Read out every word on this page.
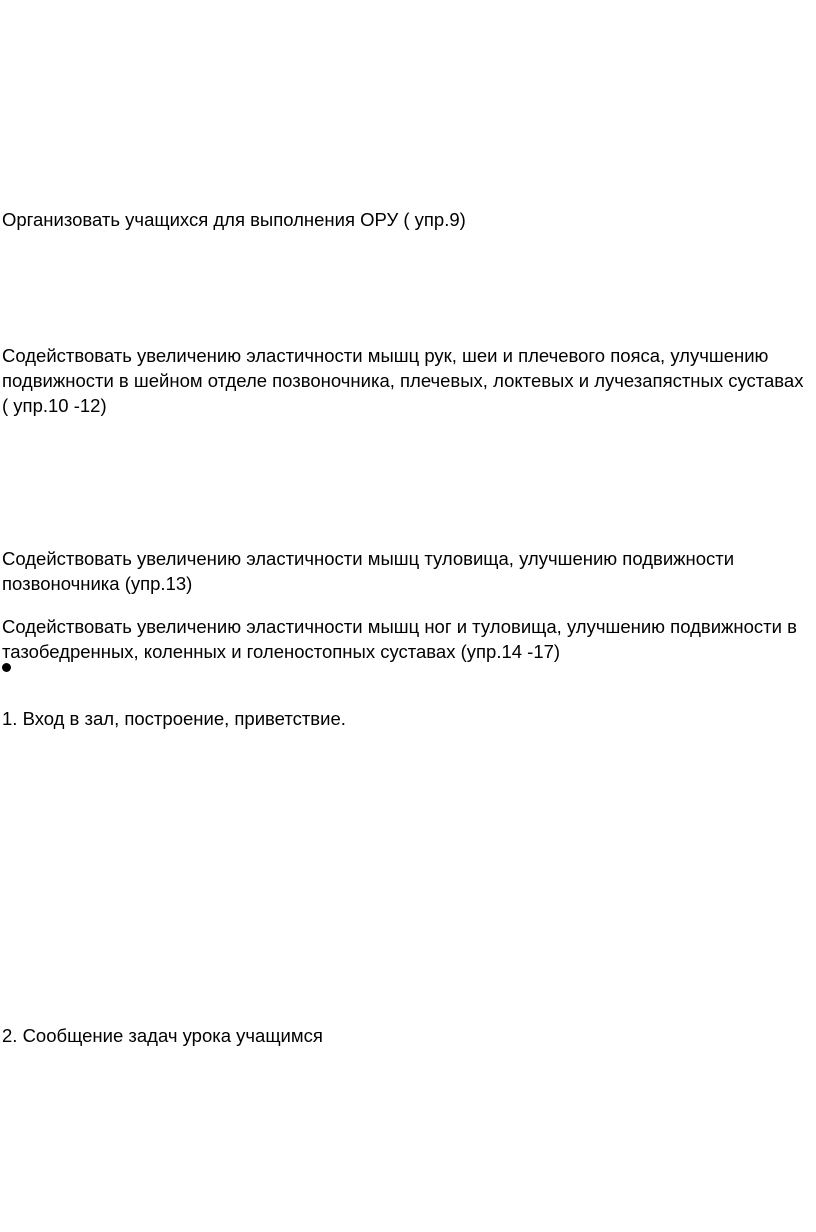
Организовать учащихся для выполнения ОРУ ( упр.9)

Содействовать увеличению эластичности мышц рук, шеи и плечевого пояса, улучшению подвижности в шейном отделе позвоночника, плечевых, локтевых и лучезапястных суставах ( упр.10 -12)

Содействовать увеличению эластичности мышц туловища, улучшению подвижности позвоночника (упр.13)

Содействовать увеличению эластичности мышц ног и туловища, улучшению подвижности в тазобедренных, коленных и голеностопных суставах (упр.14 -17)

1. Вход в зал, построение, приветствие.

2. Сообщение задач урока учащимся
